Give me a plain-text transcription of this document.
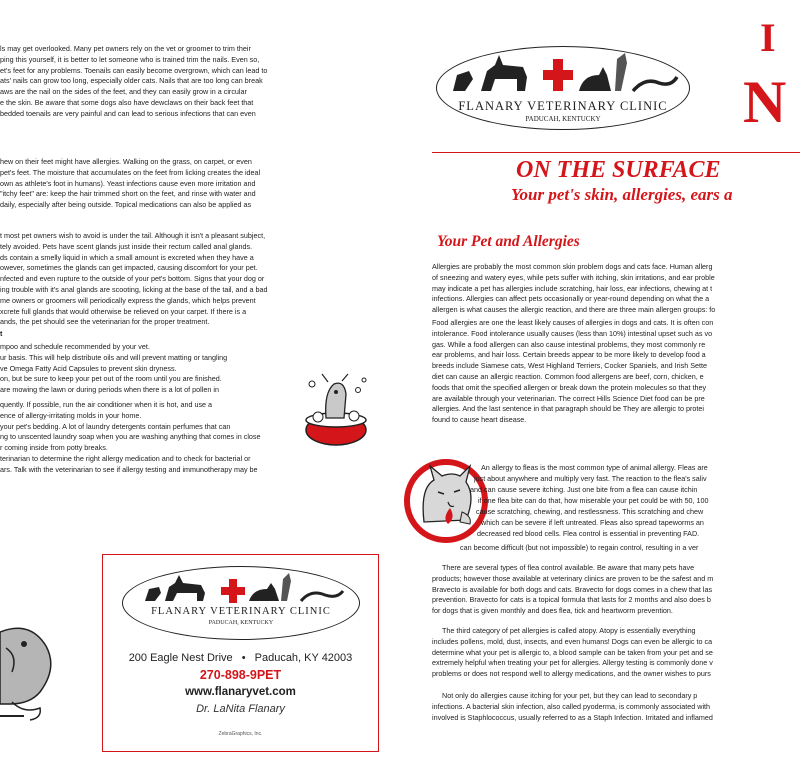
ls may get overlooked. Many pet owners rely on the vet or groomer to trim their
ping this yourself, it is better to let someone who is trained trim the nails. Even so,
et's feet for any problems. Toenails can easily become overgrown, which can lead to
ats' nails can grow too long, especially older cats. Nails that are too long can break
aws are the nail on the sides of the feet, and they can easily grow in a circular
e the skin. Be aware that some dogs also have dewclaws on their back feet that
bedded toenails are very painful and can lead to serious infections that can even
hew on their feet might have allergies. Walking on the grass, on carpet, or even
pet's feet. The moisture that accumulates on the feet from licking creates the ideal
own as athlete's foot in humans). Yeast infections cause even more irritation and
"itchy feet" are: keep the hair trimmed short on the feet, and rinse with water and
daily, especially after being outside. Topical medications can also be applied as
t most pet owners wish to avoid is under the tail. Although it isn't a pleasant subject,
tely avoided. Pets have scent glands just inside their rectum called anal glands.
ds contain a smelly liquid in which a small amount is excreted when they have a
owever, sometimes the glands can get impacted, causing discomfort for your pet.
nfected and even rupture to the outside of your pet's bottom. Signs that your dog or
ing trouble with it's anal glands are scooting, licking at the base of the tail, and a bad
me owners or groomers will periodically express the glands, which helps prevent
xcrete full glands that would otherwise be relieved on your carpet. If there is a
ands, the pet should see the veterinarian for the proper treatment.
t
mpoo and schedule recommended by your vet.
ur basis. This will help distribute oils and will prevent matting or tangling
ve Omega Fatty Acid Capsules to prevent skin dryness.
on, but be sure to keep your pet out of the room until you are finished.
are mowing the lawn or during periods when there is a lot of pollen in
quently. If possible, run the air conditioner when it is hot, and use a
ence of allergy-irritating molds in your home.
your pet's bedding. A lot of laundry detergents contain perfumes that can
ng to unscented laundry soap when you are washing anything that comes in close
r coming inside from potty breaks.
terinarian to determine the right allergy medication and to check for bacterial or
ars. Talk with the veterinarian to see if allergy testing and immunotherapy may be
FLANARY VETERINARY CLINIC
PADUCAH, KENTUCKY
200 Eagle Nest Drive • Paducah, KY 42003
270-898-9PET
www.flanaryvet.com
Dr. LaNita Flanary
ZebraGraphics, Inc.
FLANARY VETERINARY CLINIC
PADUCAH, KENTUCKY
I
N
ON THE SURFACE
Your pet's skin, allergies, ears a
Your Pet and Allergies
Allergies are probably the most common skin problem dogs and cats face. Human allerg
of sneezing and watery eyes, while pets suffer with itching, skin irritations, and ear proble
may indicate a pet has allergies include scratching, hair loss, ear infections, chewing at t
infections. Allergies can affect pets occasionally or year-round depending on what the a
allergen is what causes the allergic reaction, and there are three main allergen groups: fo
Food allergies are one the least likely causes of allergies in dogs and cats. It is often con
intolerance. Food intolerance usually causes (less than 10%) intestinal upset such as vo
gas. While a food allergen can also cause intestinal problems, they most commonly re
ear problems, and hair loss. Certain breeds appear to be more likely to develop food a
breeds include Siamese cats, West Highland Terriers, Cocker Spaniels, and Irish Sette
diet can cause an allergic reaction. Common food allergens are beef, corn, chicken, e
foods that omit the specified allergen or break down the protein molecules so that they
are available through your veterinarian. The correct Hills Science Diet food can be pre
allergies. And the last sentence in that paragraph should be They are allergic to protei
found to cause heart disease.
An allergy to fleas is the most common type of animal allergy. Fleas are
just about anywhere and multiply very fast. The reaction to the flea's saliv
and can cause severe itching. Just one bite from a flea can cause itchin
if one flea bite can do that, how miserable your pet could be with 50, 100
cause scratching, chewing, and restlessness. This scratching and chew
which can be severe if left untreated. Fleas also spread tapeworms an
decreased red blood cells. Flea control is essential in preventing FAD.
can become difficult (but not impossible) to regain control, resulting in a ver
There are several types of flea control available. Be aware that many pets have
products; however those available at veterinary clinics are proven to be the safest and m
Bravecto is available for both dogs and cats. Bravecto for dogs comes in a chew that las
prevention. Bravecto for cats is a topical formula that lasts for 2 months and also does b
for dogs that is given monthly and does flea, tick and heartworm prevention.
The third category of pet allergies is called atopy. Atopy is essentially everything
includes pollens, mold, dust, insects, and even humans! Dogs can even be allergic to ca
determine what your pet is allergic to, a blood sample can be taken from your pet and se
extremely helpful when treating your pet for allergies. Allergy testing is commonly done v
problems or does not respond well to allergy medications, and the owner wishes to purs
Not only do allergies cause itching for your pet, but they can lead to secondary p
infections. A bacterial skin infection, also called pyoderma, is commonly associated with
involved is Staphlococcus, usually referred to as a Staph Infection. Irritated and inflamed
